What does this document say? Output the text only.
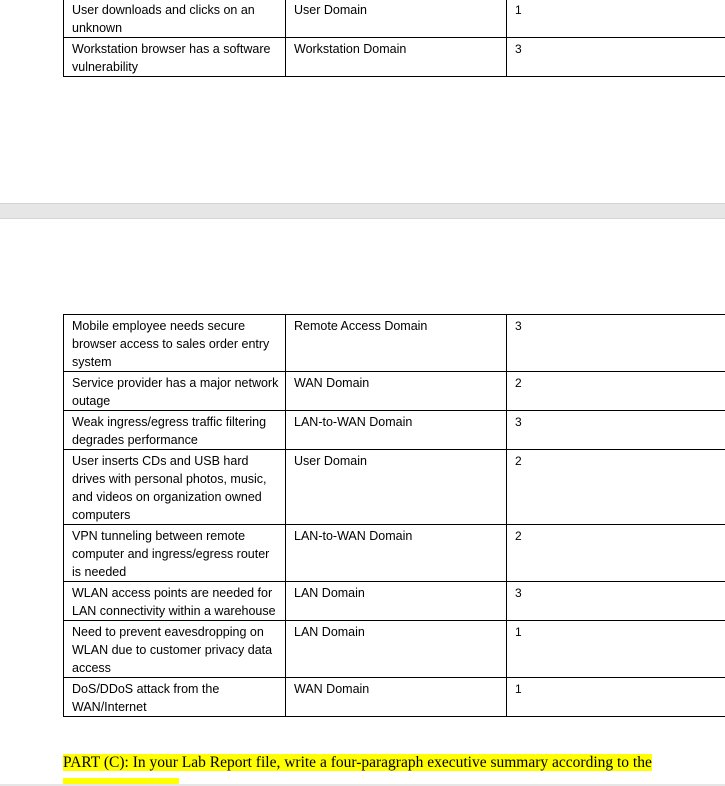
User downloads and clicks on an unknown	User Domain	1
Workstation browser has a software vulnerability	Workstation Domain	3
Mobile employee needs secure browser access to sales order entry system	Remote Access Domain	3
Service provider has a major network outage	WAN Domain	2
Weak ingress/egress traffic filtering degrades performance	LAN-to-WAN Domain	3
User inserts CDs and USB hard drives with personal photos, music, and videos on organization owned computers	User Domain	2
VPN tunneling between remote computer and ingress/egress router is needed	LAN-to-WAN Domain	2
WLAN access points are needed for LAN connectivity within a warehouse	LAN Domain	3
Need to prevent eavesdropping on WLAN due to customer privacy data access	LAN Domain	1
DoS/DDoS attack from the WAN/Internet	WAN Domain	1
PART (C): In your Lab Report file, write a four-paragraph executive summary according to the
